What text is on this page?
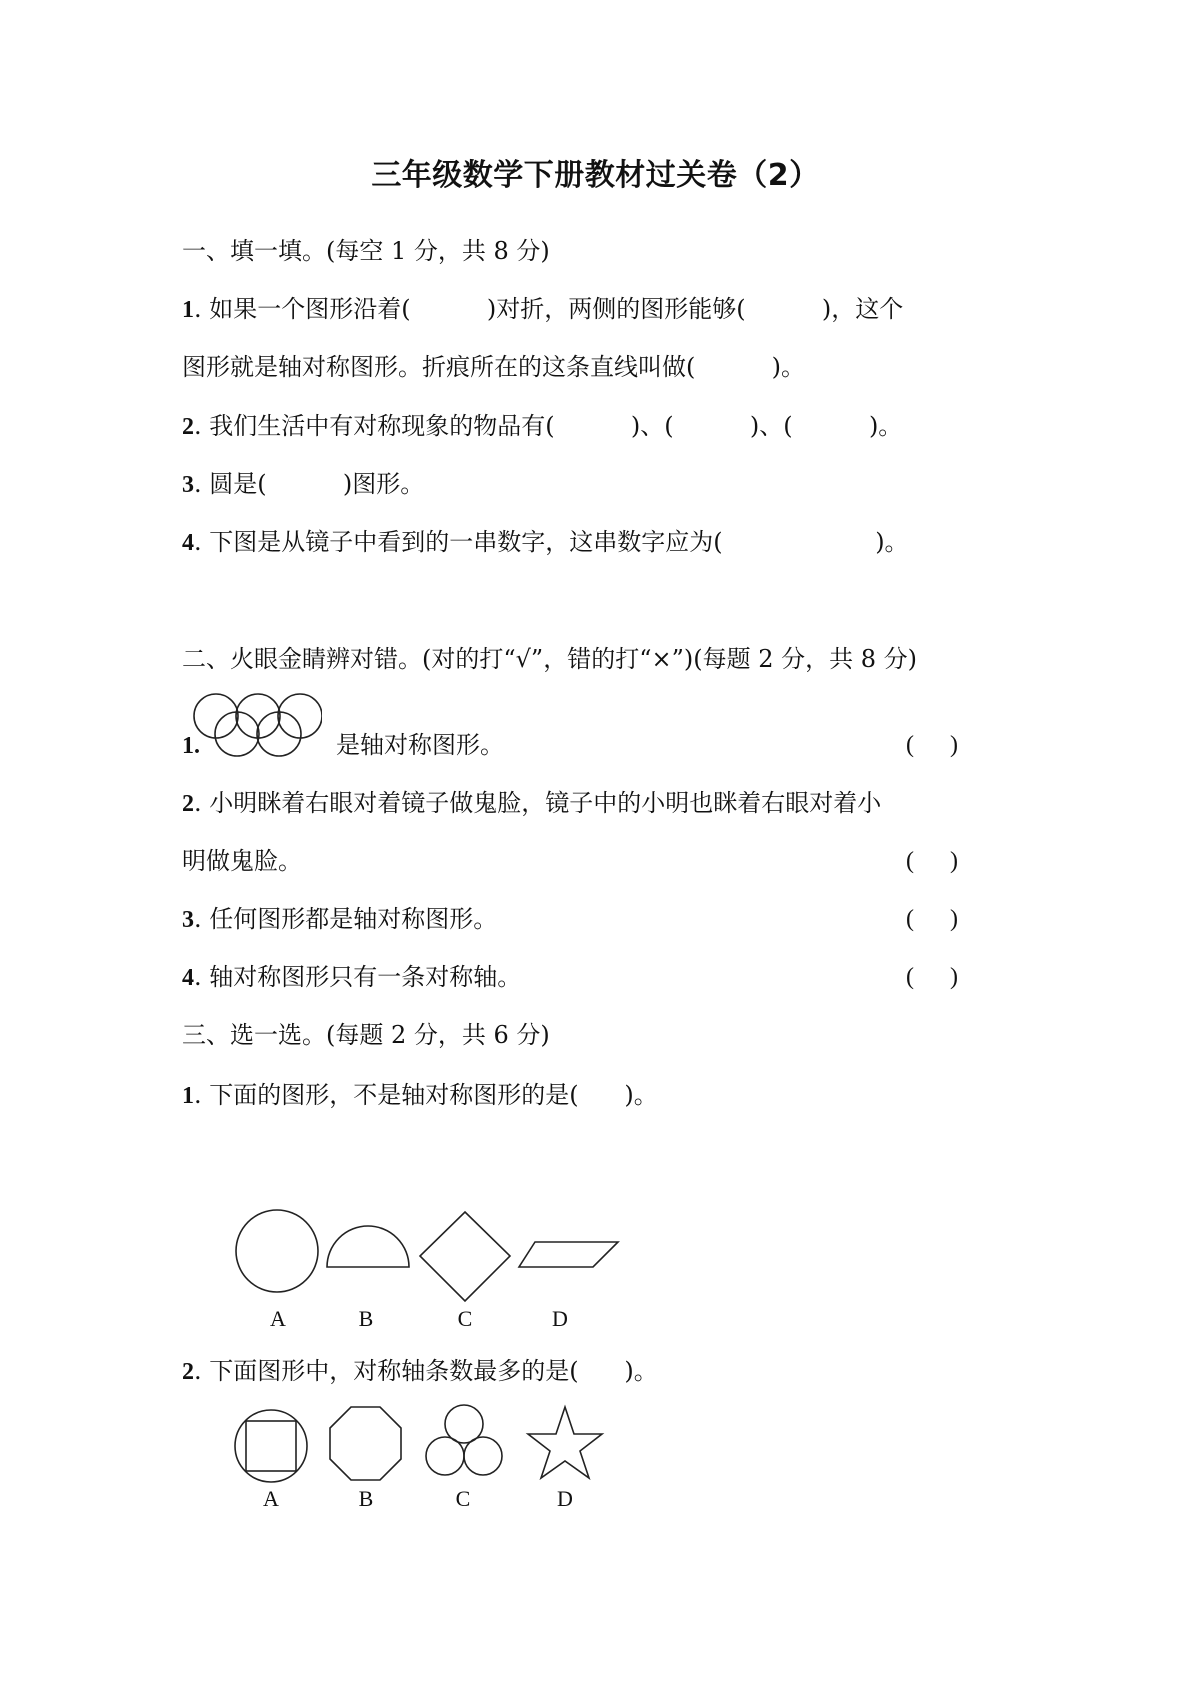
三年级数学下册教材过关卷（2）
一、填一填。(每空 1 分，共 8 分)
1. 如果一个图形沿着(          )对折，两侧的图形能够(          )，这个
图形就是轴对称图形。折痕所在的这条直线叫做(          )。
2. 我们生活中有对称现象的物品有(          )、(          )、(          )。
3. 圆是(          )图形。
4. 下图是从镜子中看到的一串数字，这串数字应为(                    )。
二、火眼金睛辨对错。(对的打“√”，错的打“×”)(每题 2 分，共 8 分)
1.	是轴对称图形。	(      )
2. 小明眯着右眼对着镜子做鬼脸，镜子中的小明也眯着右眼对着小
明做鬼脸。	(      )
3. 任何图形都是轴对称图形。	(      )
4. 轴对称图形只有一条对称轴。	(      )
三、选一选。(每题 2 分，共 6 分)
1. 下面的图形，不是轴对称图形的是(      )。
A	B	C	D
2. 下面图形中，对称轴条数最多的是(      )。
A	B	C	D
